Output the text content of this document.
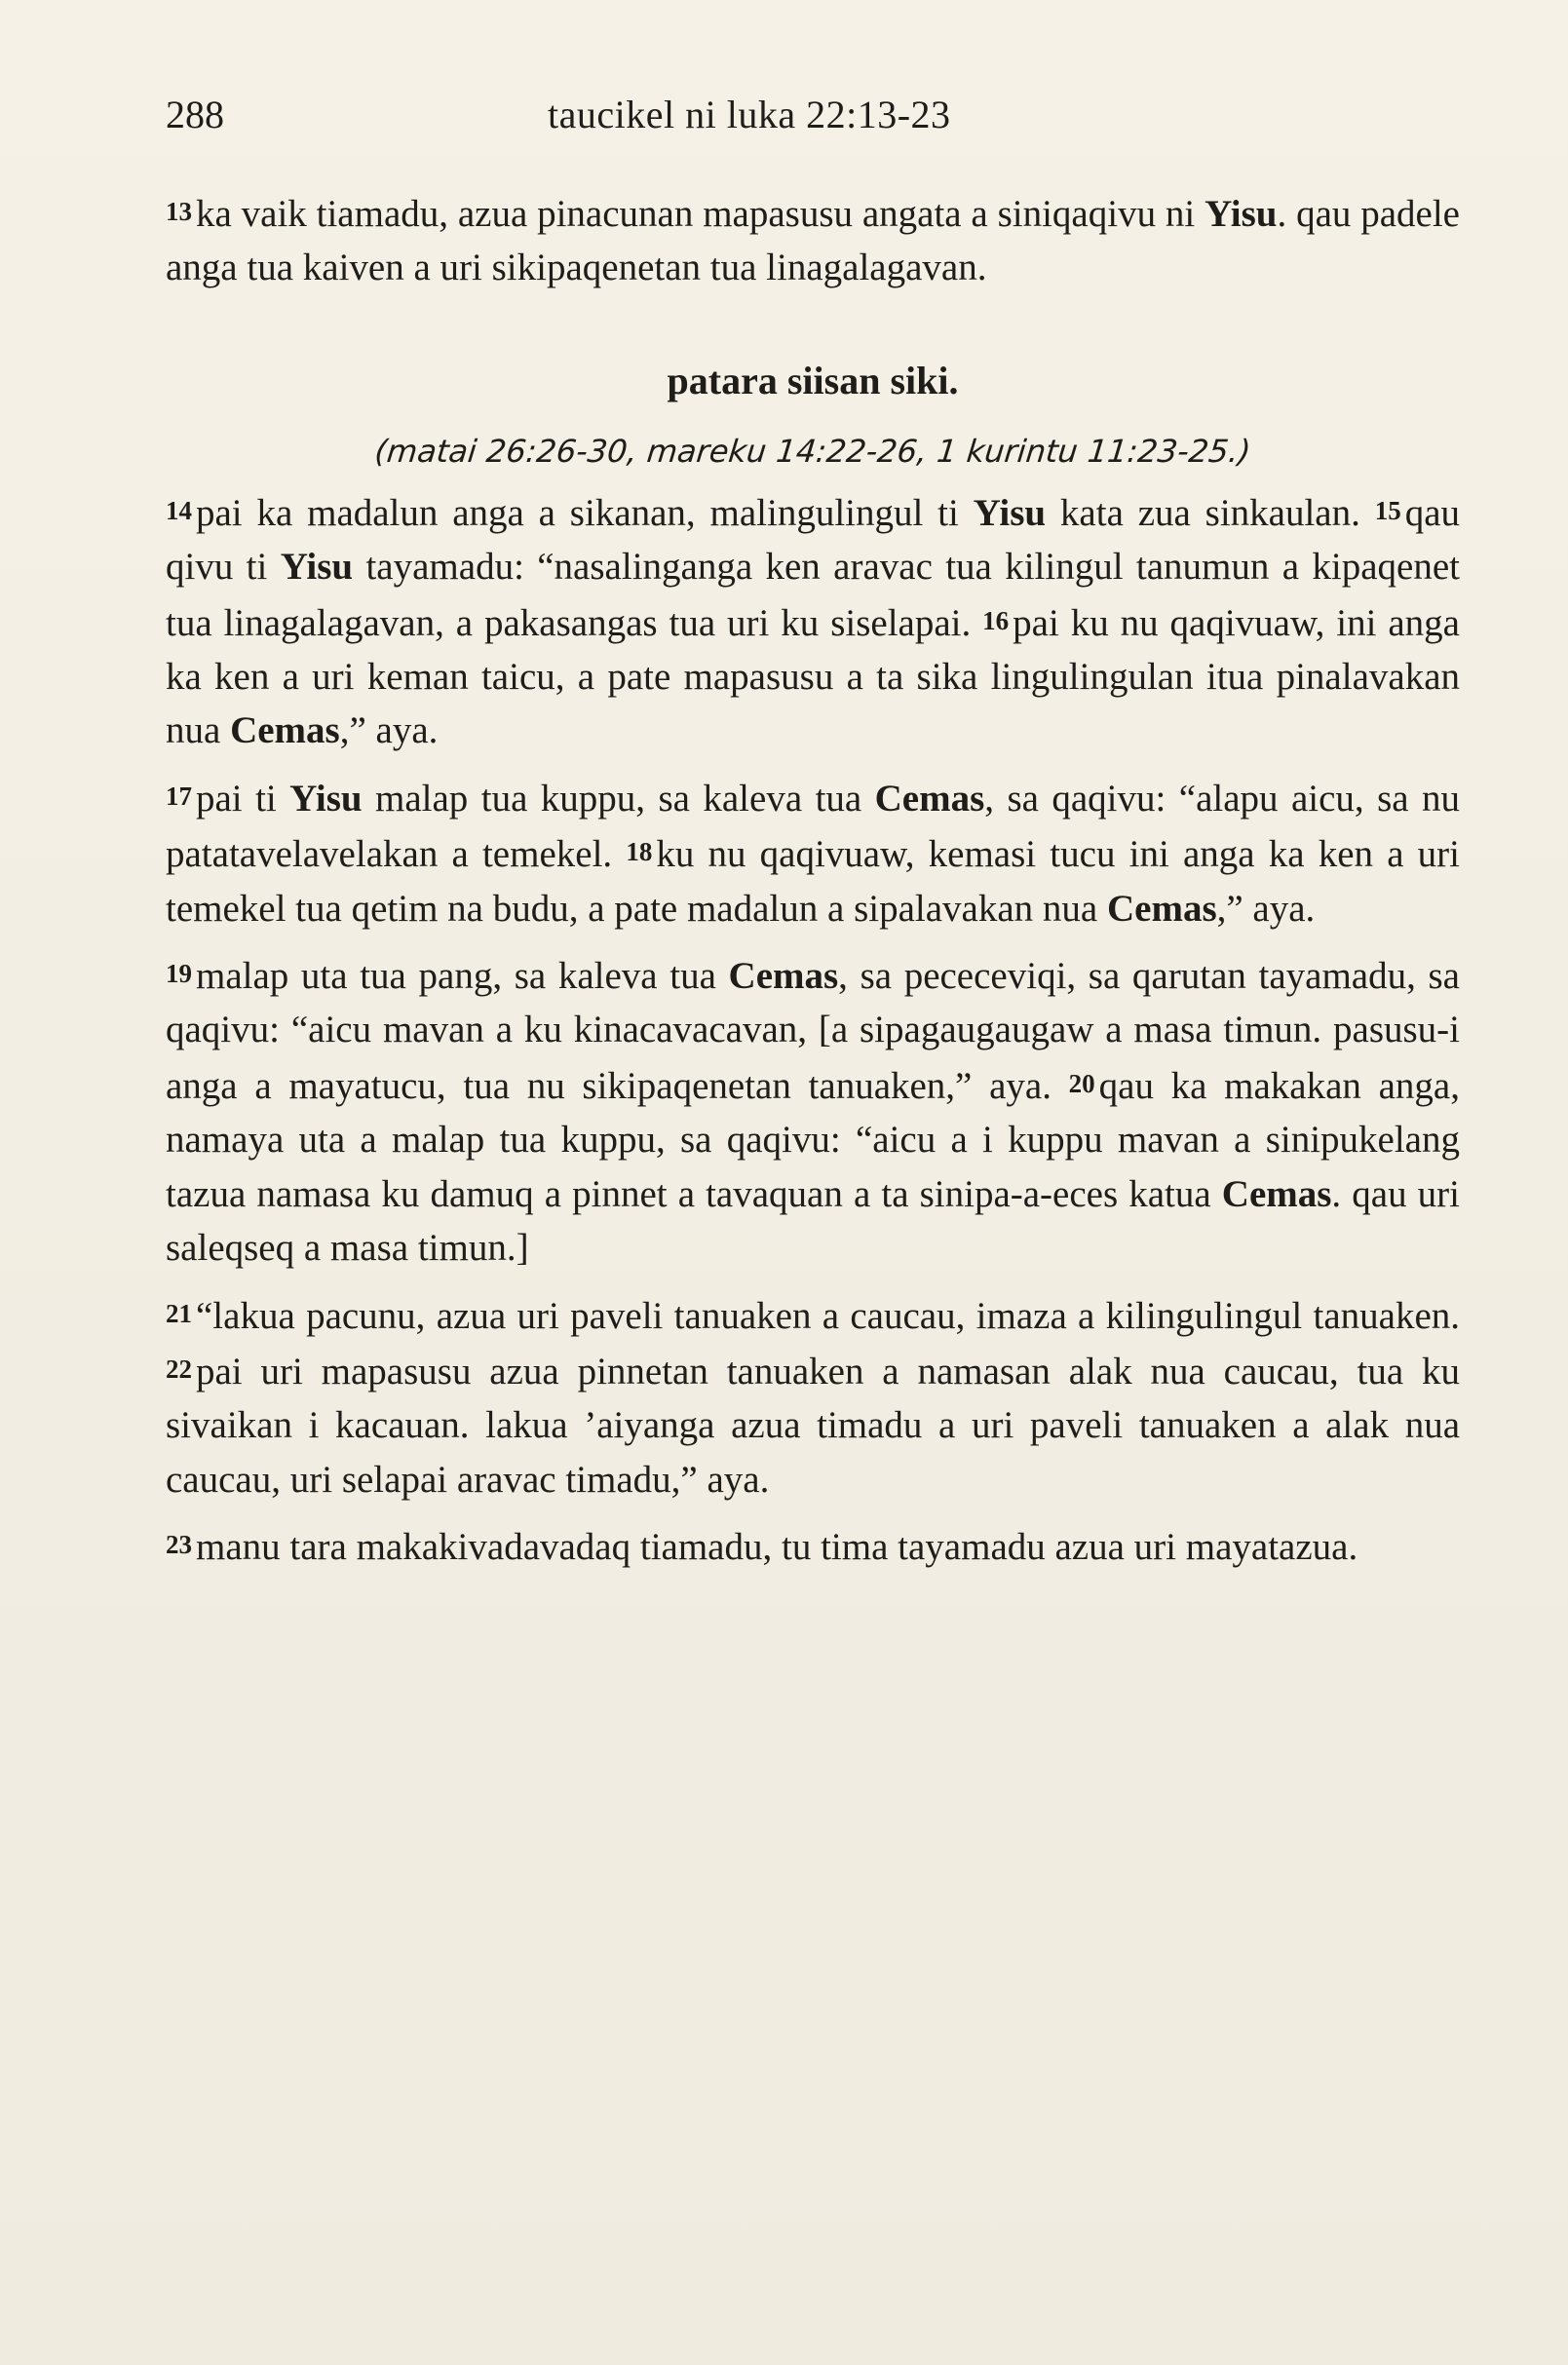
288	taucikel ni luka 22:13-23

13 ka vaik tiamadu, azua pinacunan mapasusu angata a siniqaqivu ni Yisu. qau padele anga tua kaiven a uri sikipaqenetan tua linagalagavan.

patara siisan siki.
(matai 26:26-30, mareku 14:22-26, 1 kurintu 11:23-25.)

14 pai ka madalun anga a sikanan, malingulingul ti Yisu kata zua sinkaulan. 15 qau qivu ti Yisu tayamadu: “nasalinganga ken aravac tua kilingul tanumun a kipaqenet tua linagalagavan, a pakasangas tua uri ku siselapai. 16 pai ku nu qaqivuaw, ini anga ka ken a uri keman taicu, a pate mapasusu a ta sika lingulingulan itua pinalavakan nua Cemas,” aya.

17 pai ti Yisu malap tua kuppu, sa kaleva tua Cemas, sa qaqivu: “alapu aicu, sa nu patatavelavelakan a temekel. 18 ku nu qaqivuaw, kemasi tucu ini anga ka ken a uri temekel tua qetim na budu, a pate madalun a sipalavakan nua Cemas,” aya.

19 malap uta tua pang, sa kaleva tua Cemas, sa pececeviqi, sa qarutan tayamadu, sa qaqivu: “aicu mavan a ku kinacavacavan, [a sipagaugaugaw a masa timun. pasusu-i anga a mayatucu, tua nu sikipaqenetan tanuaken,” aya. 20 qau ka makakan anga, namaya uta a malap tua kuppu, sa qaqivu: “aicu a i kuppu mavan a sinipukelang tazua namasa ku damuq a pinnet a tavaquan a ta sinipa-a-eces katua Cemas. qau uri saleqseq a masa timun.]

21 “lakua pacunu, azua uri paveli tanuaken a caucau, imaza a kilingulingul tanuaken. 22 pai uri mapasusu azua pinnetan tanuaken a namasan alak nua caucau, tua ku sivaikan i kacauan. lakua ’aiyanga azua timadu a uri paveli tanuaken a alak nua caucau, uri selapai aravac timadu,” aya.

23 manu tara makakivadavadaq tiamadu, tu tima tayamadu azua uri mayatazua.
